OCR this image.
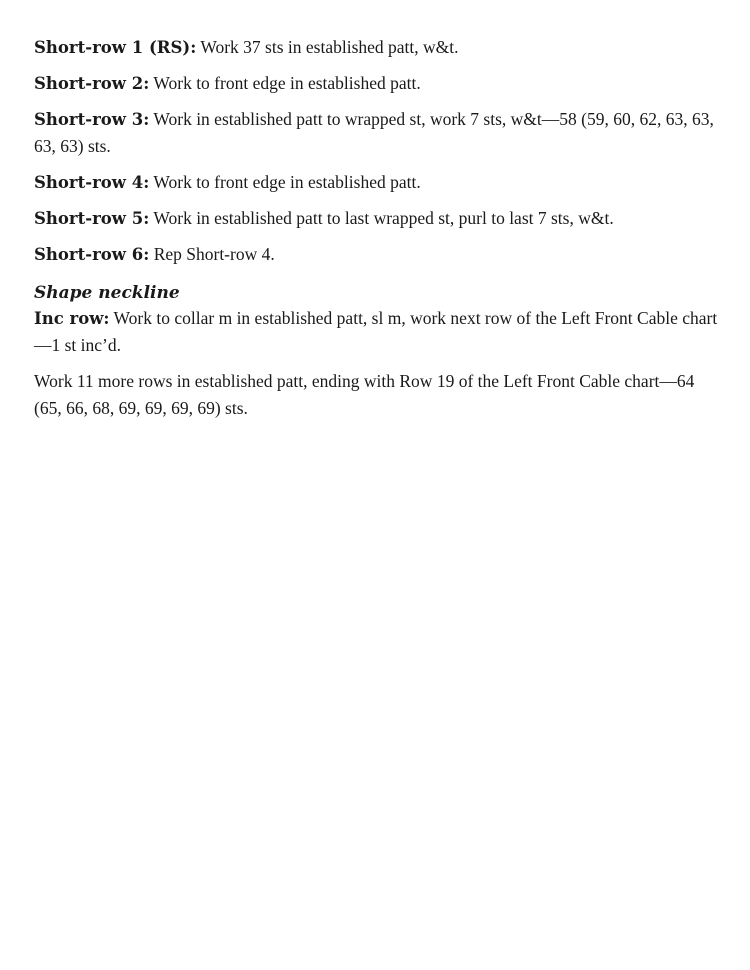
Short-row 1 (RS): Work 37 sts in established patt, w&t.

Short-row 2: Work to front edge in established patt.

Short-row 3: Work in established patt to wrapped st, work 7 sts, w&t—58 (59, 60, 62, 63, 63, 63, 63) sts.

Short-row 4: Work to front edge in established patt.

Short-row 5: Work in established patt to last wrapped st, purl to last 7 sts, w&t.

Short-row 6: Rep Short-row 4.

Shape neckline

Inc row: Work to collar m in established patt, sl m, work next row of the Left Front Cable chart—1 st inc’d.

Work 11 more rows in established patt, ending with Row 19 of the Left Front Cable chart—64 (65, 66, 68, 69, 69, 69, 69) sts.
